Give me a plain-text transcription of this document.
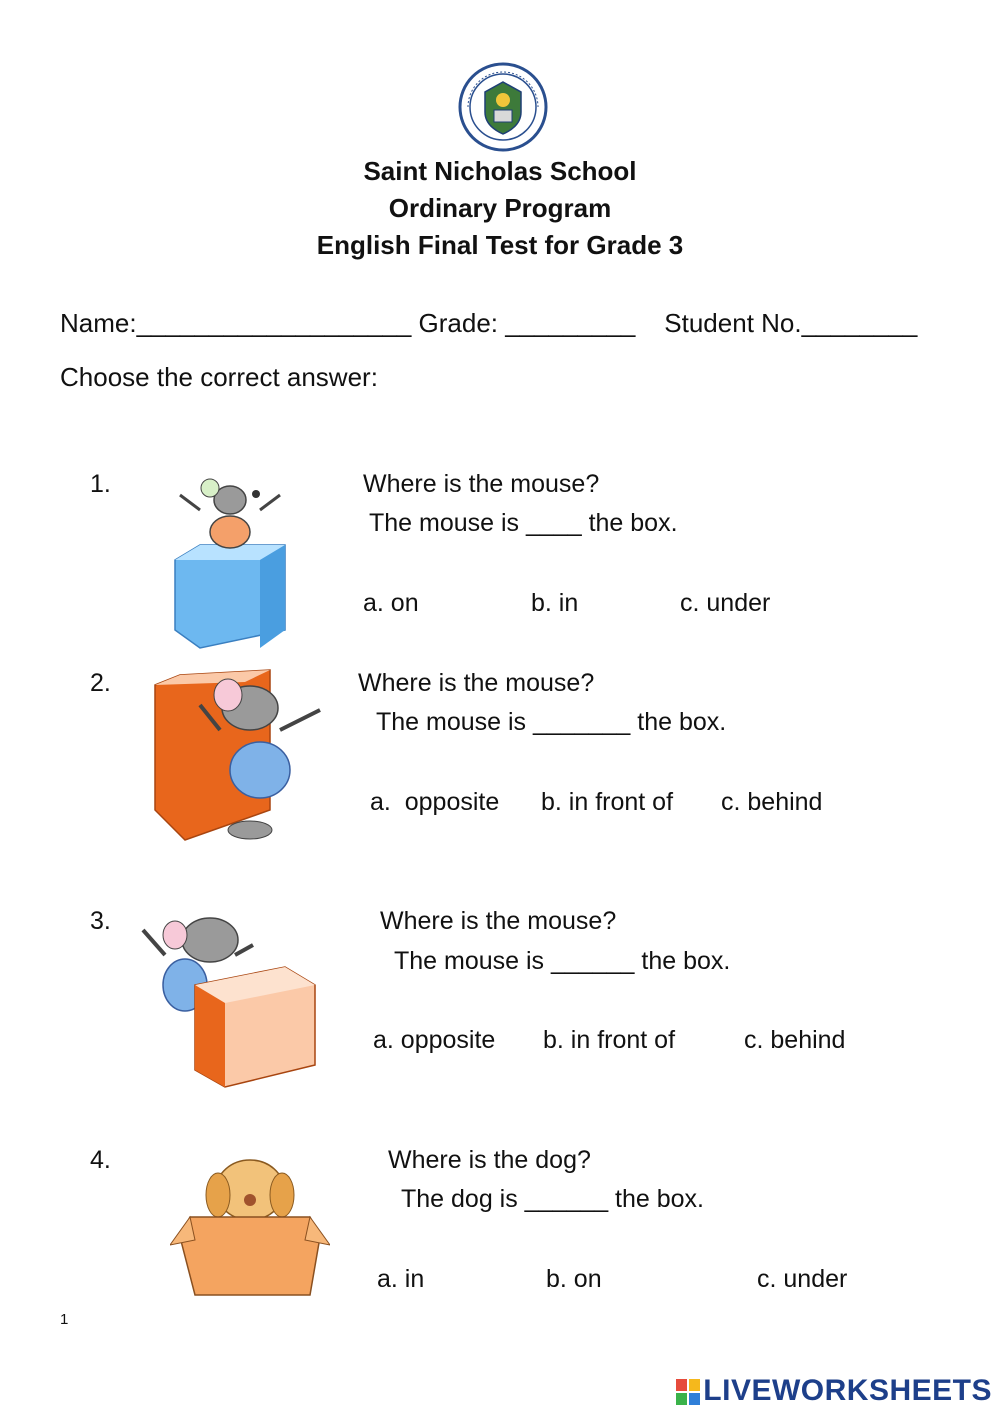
Saint Nicholas School
Ordinary Program
English Final Test for Grade 3
Name:___________________ Grade: _________    Student No.________
Choose the correct answer:
1.	Where is the mouse?
The mouse is ____ the box.
a. on	b. in	c. under
2.	Where is the mouse?
The mouse is _______ the box.
a.  opposite b. in front of c. behind
3.	Where is the mouse?
The mouse is ______ the box.
a. opposite b. in front of	c. behind
4.	Where is the dog?
The dog is ______ the box.
a. in	b. on	c. under
1
LIVEWORKSHEETS
